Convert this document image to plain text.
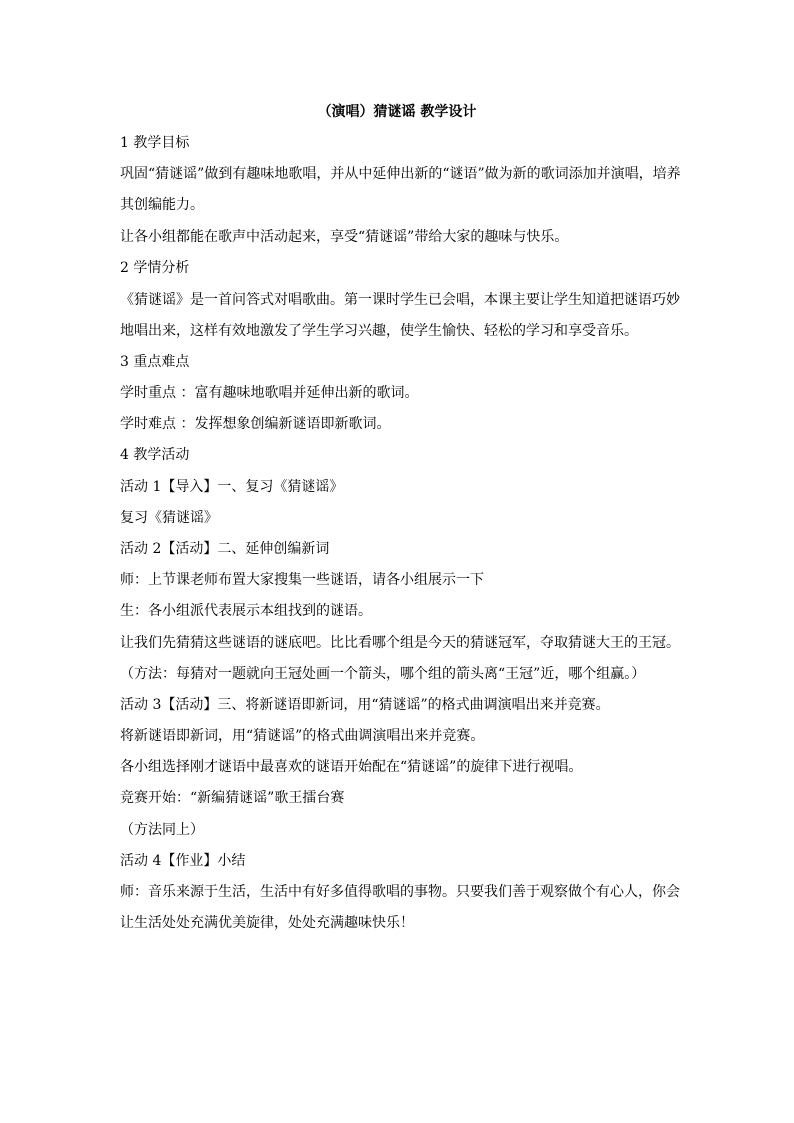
（演唱）猜谜谣 教学设计
1 教学目标
巩固“猜谜谣”做到有趣味地歌唱，并从中延伸出新的“谜语”做为新的歌词添加并演唱，培养
其创编能力。
让各小组都能在歌声中活动起来，享受“猜谜谣”带给大家的趣味与快乐。
2 学情分析
《猜谜谣》是一首问答式对唱歌曲。第一课时学生已会唱，本课主要让学生知道把谜语巧妙
地唱出来，这样有效地激发了学生学习兴趣，使学生愉快、轻松的学习和享受音乐。
3 重点难点
学时重点 ：富有趣味地歌唱并延伸出新的歌词。
学时难点 ：发挥想象创编新谜语即新歌词。
4 教学活动
活动 1【导入】一、复习《猜谜谣》
复习《猜谜谣》
活动 2【活动】二、延伸创编新词
师：上节课老师布置大家搜集一些谜语，请各小组展示一下
生：各小组派代表展示本组找到的谜语。
让我们先猜猜这些谜语的谜底吧。比比看哪个组是今天的猜谜冠军，夺取猜谜大王的王冠。
（方法：每猜对一题就向王冠处画一个箭头，哪个组的箭头离“王冠”近，哪个组赢。）
活动 3【活动】三、将新谜语即新词，用“猜谜谣”的格式曲调演唱出来并竞赛。
将新谜语即新词，用“猜谜谣”的格式曲调演唱出来并竞赛。
各小组选择刚才谜语中最喜欢的谜语开始配在“猜谜谣”的旋律下进行视唱。
竞赛开始：“新编猜谜谣”歌王擂台赛
（方法同上）
活动 4【作业】小结
师：音乐来源于生活，生活中有好多值得歌唱的事物。只要我们善于观察做个有心人，你会
让生活处处充满优美旋律，处处充满趣味快乐！
